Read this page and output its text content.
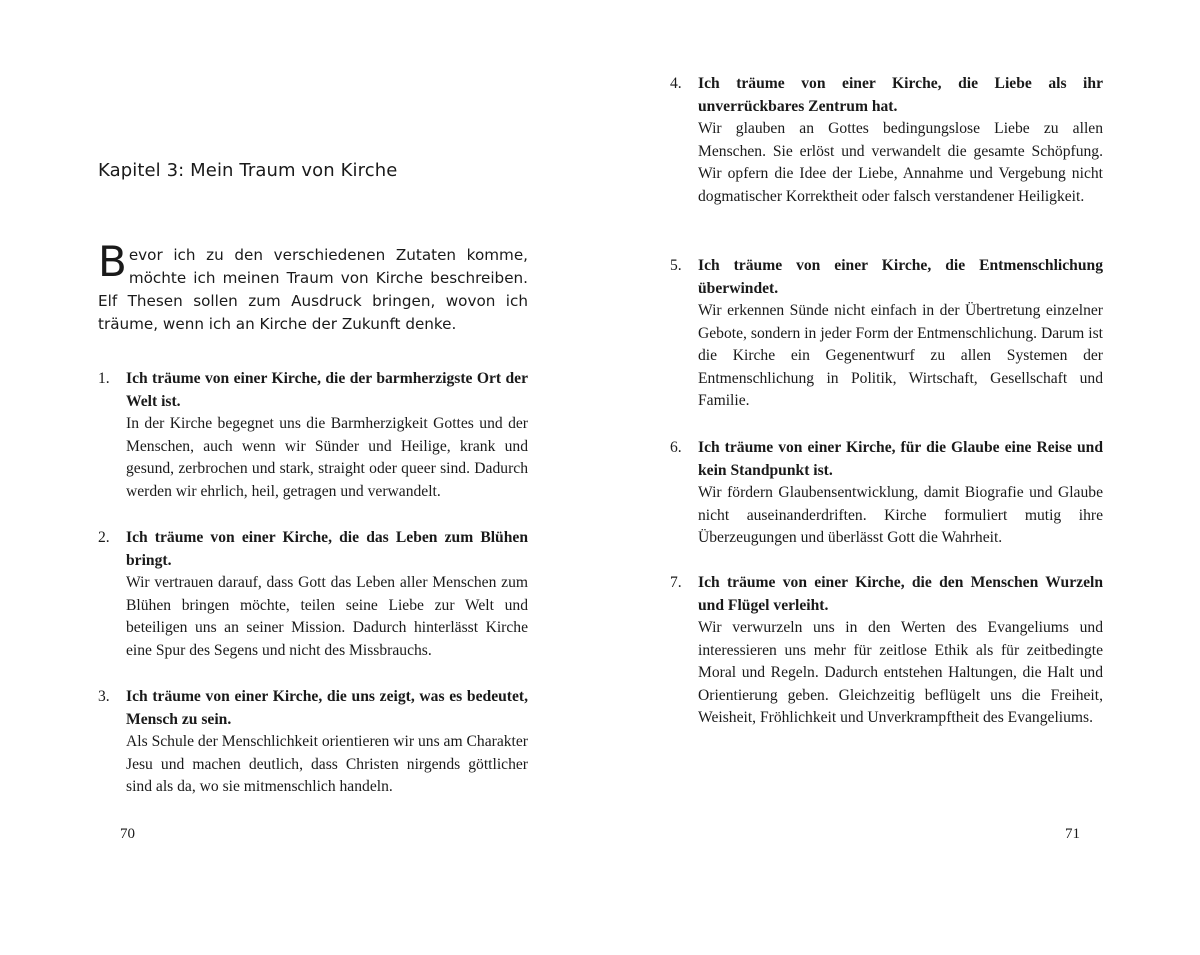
Kapitel 3: Mein Traum von Kirche

Bevor ich zu den verschiedenen Zutaten komme, möchte ich meinen Traum von Kirche beschreiben. Elf Thesen sollen zum Ausdruck bringen, wovon ich träume, wenn ich an Kirche der Zukunft denke.

1.	Ich träume von einer Kirche, die der barmherzigste Ort der Welt ist.
In der Kirche begegnet uns die Barmherzigkeit Gottes und der Menschen, auch wenn wir Sünder und Heilige, krank und gesund, zerbrochen und stark, straight oder queer sind. Dadurch werden wir ehrlich, heil, getragen und verwandelt.
2.	Ich träume von einer Kirche, die das Leben zum Blühen bringt.
Wir vertrauen darauf, dass Gott das Leben aller Menschen zum Blühen bringen möchte, teilen seine Liebe zur Welt und beteiligen uns an seiner Mission. Dadurch hinterlässt Kirche eine Spur des Segens und nicht des Missbrauchs.
3.	Ich träume von einer Kirche, die uns zeigt, was es bedeutet, Mensch zu sein.
Als Schule der Menschlichkeit orientieren wir uns am Charakter Jesu und machen deutlich, dass Christen nirgends göttlicher sind als da, wo sie mitmenschlich handeln.
70
4.	Ich träume von einer Kirche, die Liebe als ihr unverrückbares Zentrum hat.
Wir glauben an Gottes bedingungslose Liebe zu allen Menschen. Sie erlöst und verwandelt die gesamte Schöpfung. Wir opfern die Idee der Liebe, Annahme und Vergebung nicht dogmatischer Korrektheit oder falsch verstandener Heiligkeit.
5.	Ich träume von einer Kirche, die Entmenschlichung überwindet.
Wir erkennen Sünde nicht einfach in der Übertretung einzelner Gebote, sondern in jeder Form der Entmenschlichung. Darum ist die Kirche ein Gegenentwurf zu allen Systemen der Entmenschlichung in Politik, Wirtschaft, Gesellschaft und Familie.
6.	Ich träume von einer Kirche, für die Glaube eine Reise und kein Standpunkt ist.
Wir fördern Glaubensentwicklung, damit Biografie und Glaube nicht auseinanderdriften. Kirche formuliert mutig ihre Überzeugungen und überlässt Gott die Wahrheit.
7.	Ich träume von einer Kirche, die den Menschen Wurzeln und Flügel verleiht.
Wir verwurzeln uns in den Werten des Evangeliums und interessieren uns mehr für zeitlose Ethik als für zeitbedingte Moral und Regeln. Dadurch entstehen Haltungen, die Halt und Orientierung geben. Gleichzeitig beflügelt uns die Freiheit, Weisheit, Fröhlichkeit und Unverkrampftheit des Evangeliums.
71
